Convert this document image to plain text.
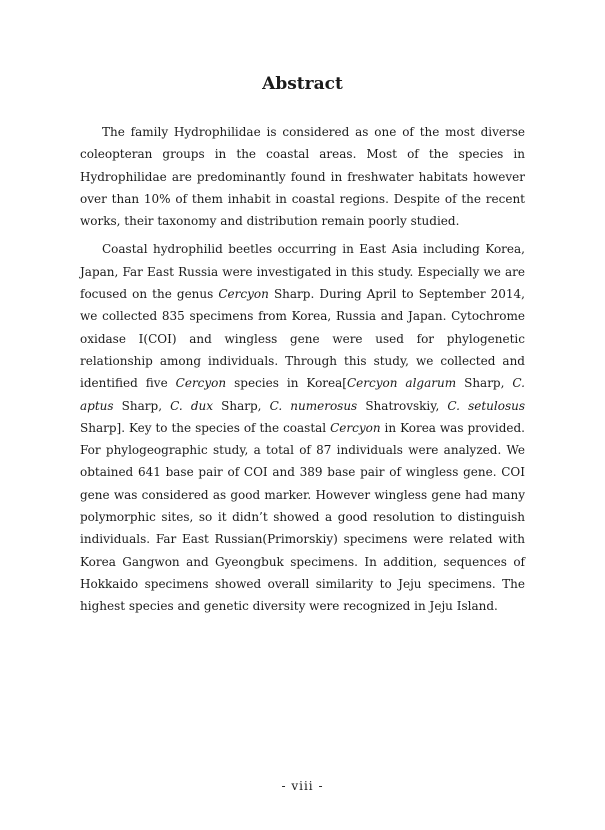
Abstract

The family Hydrophilidae is considered as one of the most diverse coleopteran groups in the coastal areas. Most of the species in Hydrophilidae are predominantly found in freshwater habitats however over than 10% of them inhabit in coastal regions. Despite of the recent works, their taxonomy and distribution remain poorly studied.

Coastal hydrophilid beetles occurring in East Asia including Korea, Japan, Far East Russia were investigated in this study. Especially we are focused on the genus Cercyon Sharp. During April to September 2014, we collected 835 specimens from Korea, Russia and Japan. Cytochrome oxidase I(COI) and wingless gene were used for phylogenetic relationship among individuals. Through this study, we collected and identified five Cercyon species in Korea[Cercyon algarum Sharp, C. aptus Sharp, C. dux Sharp, C. numerosus Shatrovskiy, C. setulosus Sharp]. Key to the species of the coastal Cercyon in Korea was provided. For phylogeographic study, a total of 87 individuals were analyzed. We obtained 641 base pair of COI and 389 base pair of wingless gene. COI gene was considered as good marker. However wingless gene had many polymorphic sites, so it didn’t showed a good resolution to distinguish individuals. Far East Russian(Primorskiy) specimens were related with Korea Gangwon and Gyeongbuk specimens. In addition, sequences of Hokkaido specimens showed overall similarity to Jeju specimens. The highest species and genetic diversity were recognized in Jeju Island.

- viii -
